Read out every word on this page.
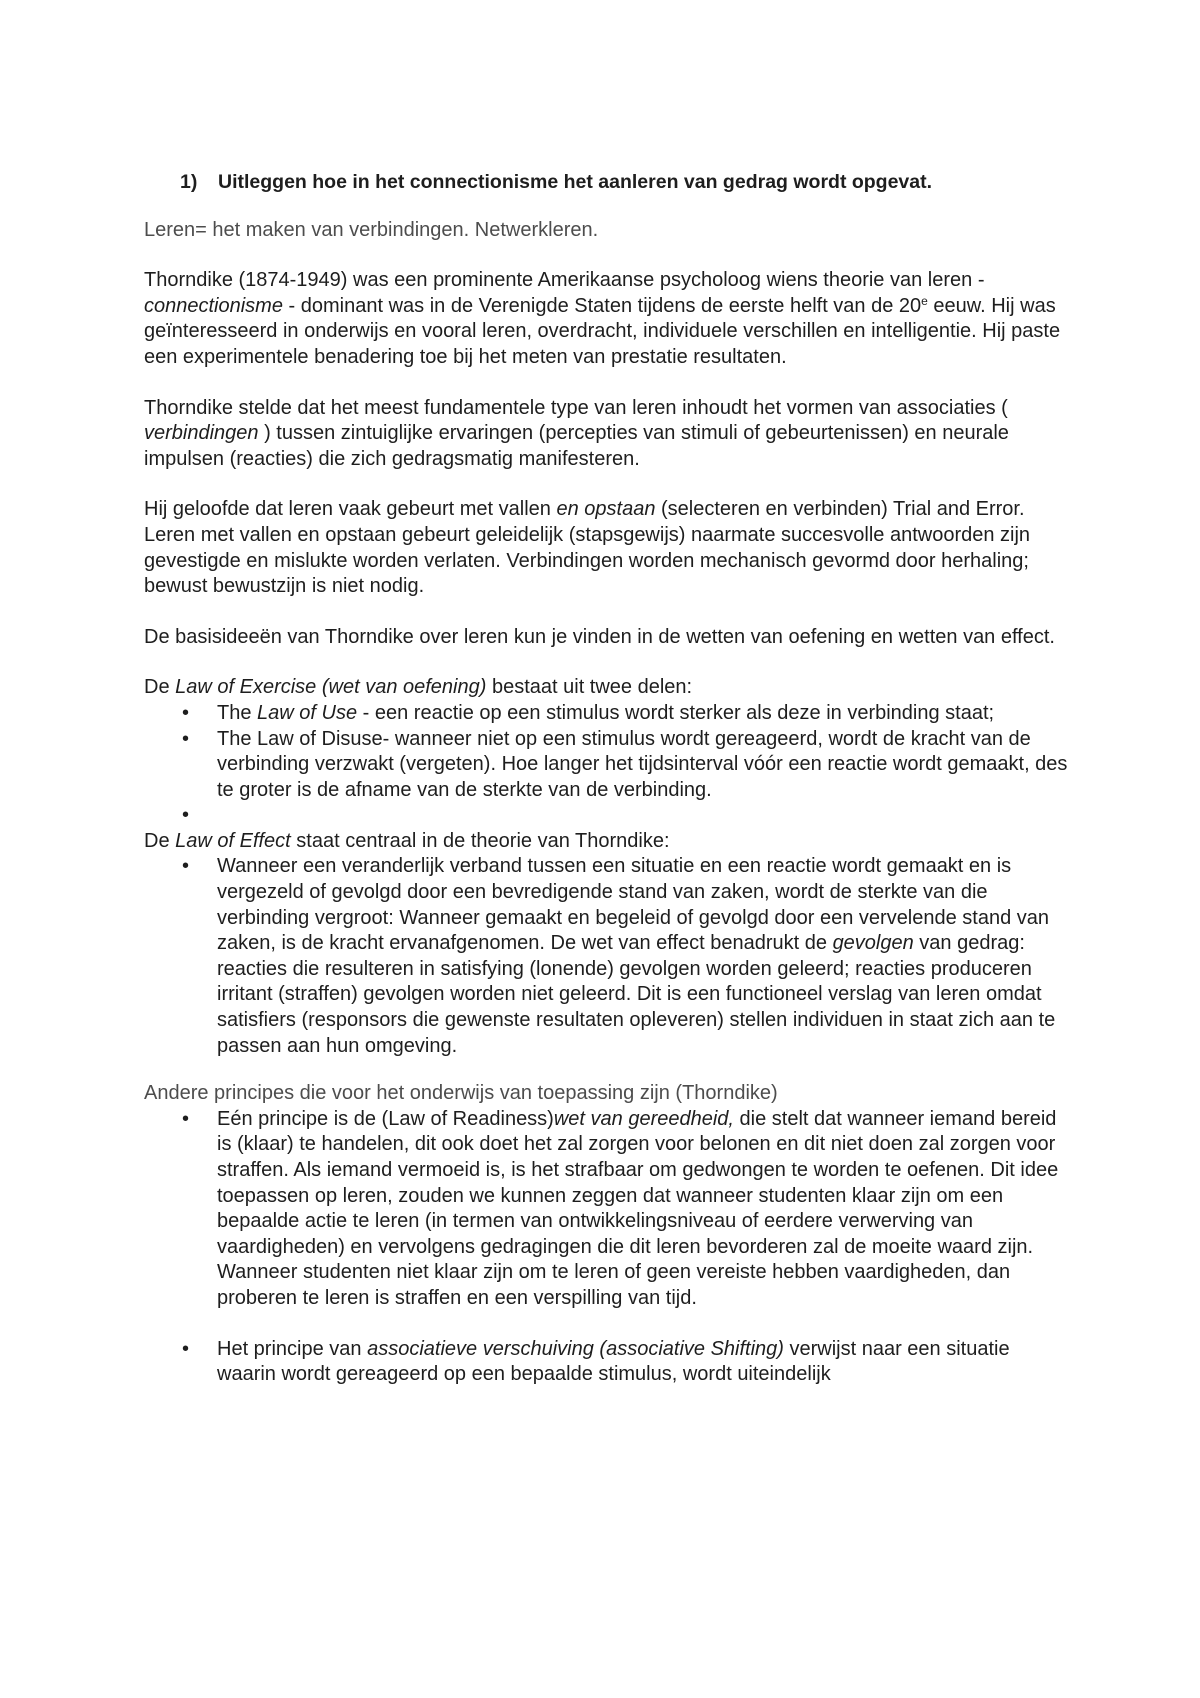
1) Uitleggen hoe in het connectionisme het aanleren van gedrag wordt opgevat.

Leren= het maken van verbindingen. Netwerkleren.

Thorndike (1874-1949) was een prominente Amerikaanse psycholoog wiens theorie van leren - connectionisme - dominant was in de Verenigde Staten tijdens de eerste helft van de 20e eeuw. Hij was geïnteresseerd in onderwijs en vooral leren, overdracht, individuele verschillen en intelligentie. Hij paste een experimentele benadering toe bij het meten van prestatie resultaten.

Thorndike stelde dat het meest fundamentele type van leren inhoudt het vormen van associaties ( verbindingen ) tussen zintuiglijke ervaringen (percepties van stimuli of gebeurtenissen) en neurale impulsen (reacties) die zich gedragsmatig manifesteren.

Hij geloofde dat leren vaak gebeurt met vallen en opstaan (selecteren en verbinden) Trial and Error. Leren met vallen en opstaan gebeurt geleidelijk (stapsgewijs) naarmate succesvolle antwoorden zijn gevestigde en mislukte worden verlaten. Verbindingen worden mechanisch gevormd door herhaling; bewust bewustzijn is niet nodig.

De basisideeën van Thorndike over leren kun je vinden in de wetten van oefening en wetten van effect.

De Law of Exercise (wet van oefening) bestaat uit twee delen:

• The Law of Use - een reactie op een stimulus wordt sterker als deze in verbinding staat;
• The Law of Disuse- wanneer niet op een stimulus wordt gereageerd, wordt de kracht van de verbinding verzwakt (vergeten). Hoe langer het tijdsinterval vóór een reactie wordt gemaakt, des te groter is de afname van de sterkte van de verbinding.
•

De Law of Effect staat centraal in de theorie van Thorndike:

• Wanneer een veranderlijk verband tussen een situatie en een reactie wordt gemaakt en is vergezeld of gevolgd door een bevredigende stand van zaken, wordt de sterkte van die verbinding vergroot: Wanneer gemaakt en begeleid of gevolgd door een vervelende stand van zaken, is de kracht ervanafgenomen. De wet van effect benadrukt de gevolgen van gedrag: reacties die resulteren in satisfying (lonende) gevolgen worden geleerd; reacties produceren irritant (straffen) gevolgen worden niet geleerd. Dit is een functioneel verslag van leren omdat satisfiers (responsors die gewenste resultaten opleveren) stellen individuen in staat zich aan te passen aan hun omgeving.

Andere principes die voor het onderwijs van toepassing zijn (Thorndike)

• Eén principe is de (Law of Readiness)wet van gereedheid, die stelt dat wanneer iemand bereid is (klaar) te handelen, dit ook doet het zal zorgen voor belonen en dit niet doen zal zorgen voor straffen. Als iemand vermoeid is, is het strafbaar om gedwongen te worden te oefenen. Dit idee toepassen op leren, zouden we kunnen zeggen dat wanneer studenten klaar zijn om een bepaalde actie te leren (in termen van ontwikkelingsniveau of eerdere verwerving van vaardigheden) en vervolgens gedragingen die dit leren bevorderen zal de moeite waard zijn. Wanneer studenten niet klaar zijn om te leren of geen vereiste hebben vaardigheden, dan proberen te leren is straffen en een verspilling van tijd.
• Het principe van associatieve verschuiving (associative Shifting) verwijst naar een situatie waarin wordt gereageerd op een bepaalde stimulus, wordt uiteindelijk
